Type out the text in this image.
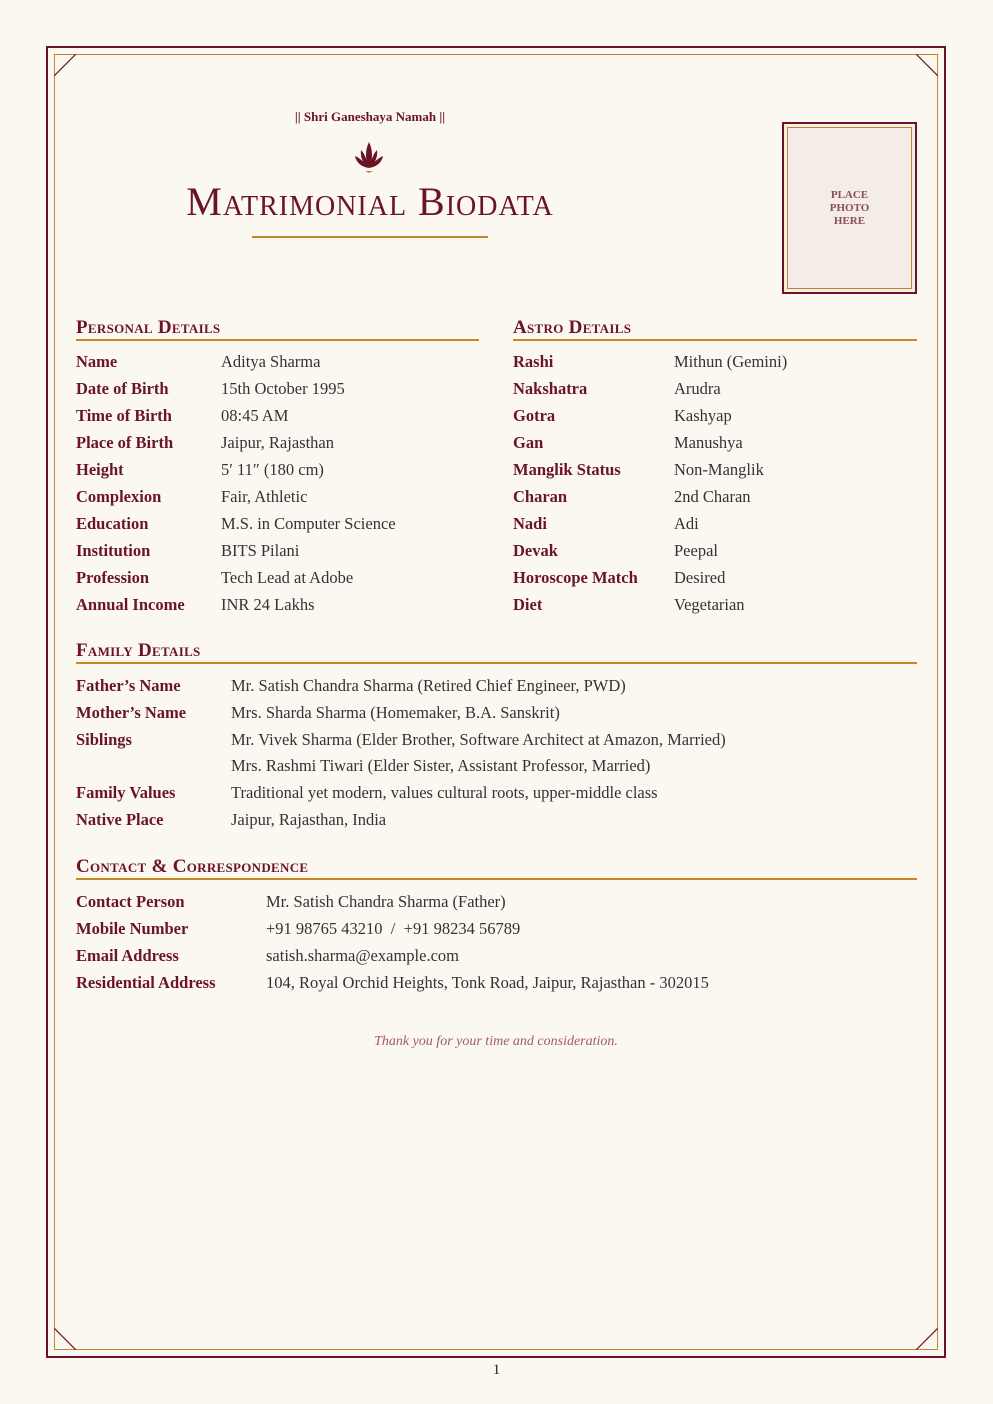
|| Shri Ganeshaya Namah ||
Matrimonial Biodata	PLACE
PHOTO
HERE
Personal Details
Name	Aditya Sharma
Date of Birth	15th October 1995
Time of Birth	08:45 AM
Place of Birth	Jaipur, Rajasthan
Height	5′ 11″ (180 cm)
Complexion	Fair, Athletic
Education	M.S. in Computer Science
Institution	BITS Pilani
Profession	Tech Lead at Adobe
Annual Income	INR 24 Lakhs
Astro Details
Rashi	Mithun (Gemini)
Nakshatra	Arudra
Gotra	Kashyap
Gan	Manushya
Manglik Status	Non-Manglik
Charan	2nd Charan
Nadi	Adi
Devak	Peepal
Horoscope Match	Desired
Diet	Vegetarian
Family Details
Father’s Name	Mr. Satish Chandra Sharma (Retired Chief Engineer, PWD)
Mother’s Name	Mrs. Sharda Sharma (Homemaker, B.A. Sanskrit)
Siblings	Mr. Vivek Sharma (Elder Brother, Software Architect at Amazon, Married)
Mrs. Rashmi Tiwari (Elder Sister, Assistant Professor, Married)
Family Values	Traditional yet modern, values cultural roots, upper-middle class
Native Place	Jaipur, Rajasthan, India
Contact & Correspondence
Contact Person	Mr. Satish Chandra Sharma (Father)
Mobile Number	+91 98765 43210  /  +91 98234 56789
Email Address	satish.sharma@example.com
Residential Address	104, Royal Orchid Heights, Tonk Road, Jaipur, Rajasthan - 302015
Thank you for your time and consideration.
1
